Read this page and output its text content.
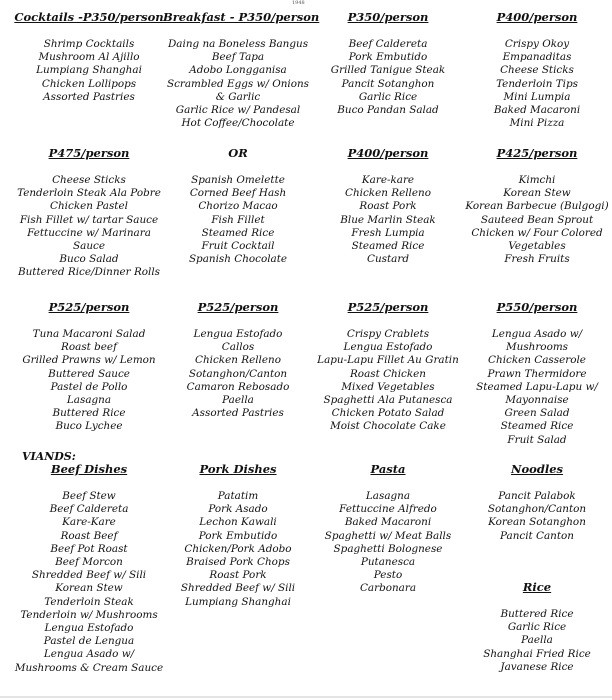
1948
VIANDS:
Cocktails -P350/person
Shrimp Cocktails
Mushroom Al Ajillo
Lumpiang Shanghai
Chicken Lollipops
Assorted Pastries
Breakfast - P350/person
Daing na Boneless Bangus
Beef Tapa
Adobo Longganisa
Scrambled Eggs w/ Onions
& Garlic
Garlic Rice w/ Pandesal
Hot Coffee/Chocolate
P350/person
Beef Caldereta
Pork Embutido
Grilled Tanigue Steak
Pancit Sotanghon
Garlic Rice
Buco Pandan Salad
P400/person
Crispy Okoy
Empanaditas
Cheese Sticks
Tenderloin Tips
Mini Lumpia
Baked Macaroni
Mini Pizza
P475/person
Cheese Sticks
Tenderloin Steak Ala Pobre
Chicken Pastel
Fish Fillet w/ tartar Sauce
Fettuccine w/ Marinara
Sauce
Buco Salad
Buttered Rice/Dinner Rolls
OR
Spanish Omelette
Corned Beef Hash
Chorizo Macao
Fish Fillet
Steamed Rice
Fruit Cocktail
Spanish Chocolate
P400/person
Kare-kare
Chicken Relleno
Roast Pork
Blue Marlin Steak
Fresh Lumpia
Steamed Rice
Custard
P425/person
Kimchi
Korean Stew
Korean Barbecue (Bulgogi)
Sauteed Bean Sprout
Chicken w/ Four Colored
Vegetables
Fresh Fruits
P525/person
Tuna Macaroni Salad
Roast beef
Grilled Prawns w/ Lemon
Buttered Sauce
Pastel de Pollo
Lasagna
Buttered Rice
Buco Lychee
P525/person
Lengua Estofado
Callos
Chicken Relleno
Sotanghon/Canton
Camaron Rebosado
Paella
Assorted Pastries
P525/person
Crispy Crablets
Lengua Estofado
Lapu-Lapu Fillet Au Gratin
Roast Chicken
Mixed Vegetables
Spaghetti Ala Putanesca
Chicken Potato Salad
Moist Chocolate Cake
P550/person
Lengua Asado w/
Mushrooms
Chicken Casserole
Prawn Thermidore
Steamed Lapu-Lapu w/
Mayonnaise
Green Salad
Steamed Rice
Fruit Salad
Beef Dishes
Beef Stew
Beef Caldereta
Kare-Kare
Roast Beef
Beef Pot Roast
Beef Morcon
Shredded Beef w/ Sili
Korean Stew
Tenderloin Steak
Tenderloin w/ Mushrooms
Lengua Estofado
Pastel de Lengua
Lengua Asado w/
Mushrooms & Cream Sauce
Pork Dishes
Patatim
Pork Asado
Lechon Kawali
Pork Embutido
Chicken/Pork Adobo
Braised Pork Chops
Roast Pork
Shredded Beef w/ Sili
Lumpiang Shanghai
Pasta
Lasagna
Fettuccine Alfredo
Baked Macaroni
Spaghetti w/ Meat Balls
Spaghetti Bolognese
Putanesca
Pesto
Carbonara
Noodles
Pancit Palabok
Sotanghon/Canton
Korean Sotanghon
Pancit Canton
Rice
Buttered Rice
Garlic Rice
Paella
Shanghai Fried Rice
Javanese Rice
